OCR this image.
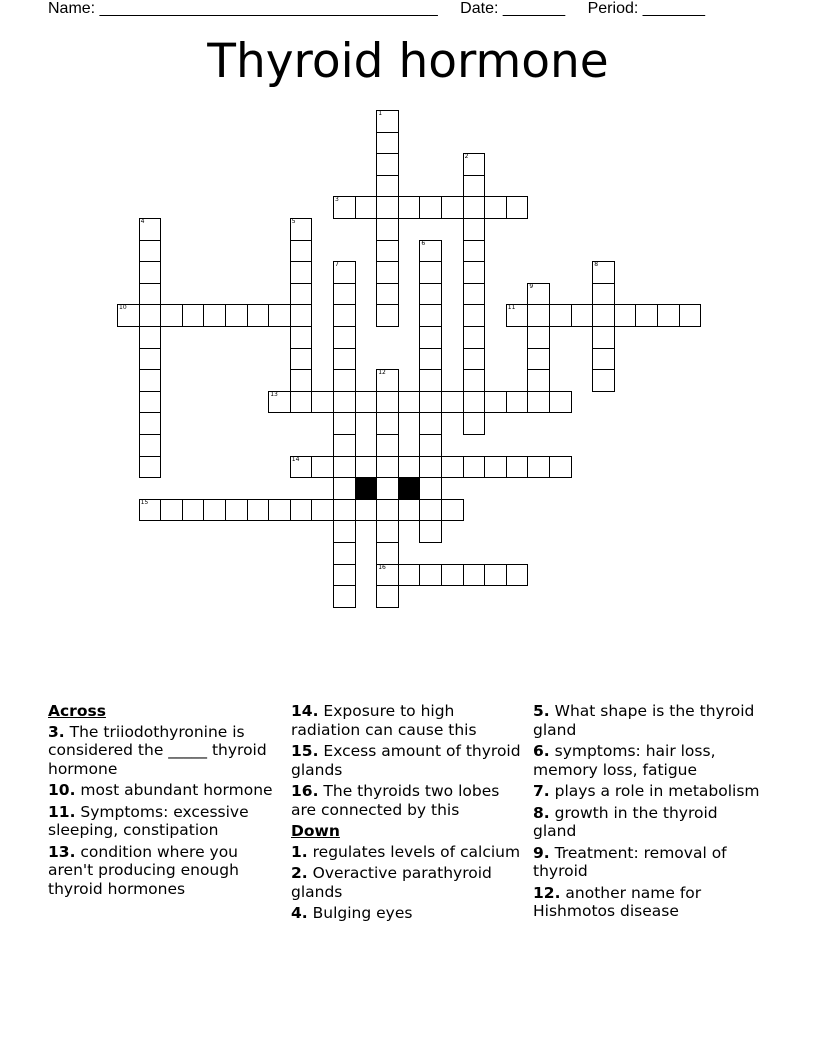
Name: ______________________________________ Date: _______ Period: _______
Thyroid hormone
1
2
3
4	5
6
7	8
9
10	11
12
16
13
14
15
Across
3. The triiodothyronine is considered the _____ thyroid hormone
10. most abundant hormone
11. Symptoms: excessive sleeping, constipation
13. condition where you aren't producing enough thyroid hormones
14. Exposure to high radiation can cause this
15. Excess amount of thyroid glands
16. The thyroids two lobes are connected by this
Down
1. regulates levels of calcium
2. Overactive parathyroid glands
4. Bulging eyes
5. What shape is the thyroid gland
6. symptoms: hair loss, memory loss, fatigue
7. plays a role in metabolism
8. growth in the thyroid gland
9. Treatment: removal of thyroid
12. another name for Hishmotos disease
